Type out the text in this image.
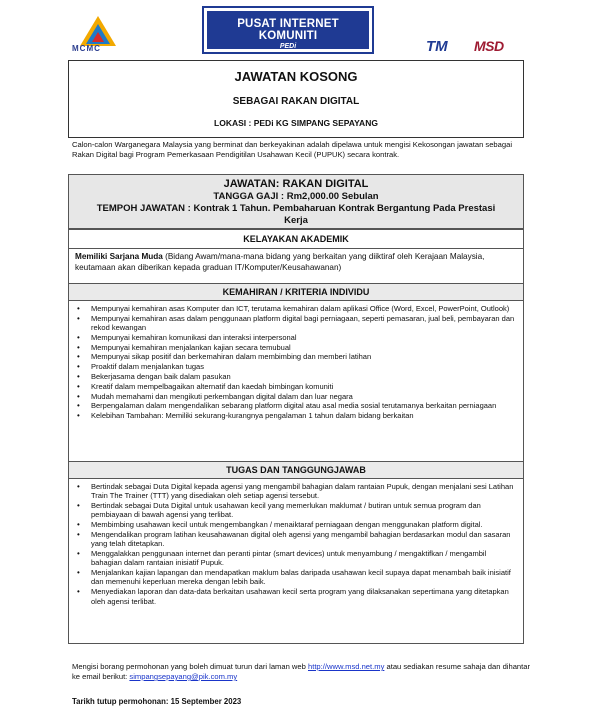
MCMC
PUSAT INTERNET KOMUNITI
PEDi	TM MSD
JAWATAN KOSONG
SEBAGAI RAKAN DIGITAL
LOKASI : PEDi KG SIMPANG SEPAYANG

Calon-calon Warganegara Malaysia yang berminat dan berkeyakinan adalah dipelawa untuk mengisi Kekosongan jawatan sebagai Rakan Digital bagi Program Pemerkasaan Pendigitilan Usahawan Kecil (PUPUK) secara kontrak.

JAWATAN: RAKAN DIGITAL
TANGGA GAJI : Rm2,000.00 Sebulan
TEMPOH JAWATAN : Kontrak 1 Tahun. Pembaharuan Kontrak Bergantung Pada Prestasi Kerja
KELAYAKAN AKADEMIK
Memiliki Sarjana Muda (Bidang Awam/mana-mana bidang yang berkaitan yang diiktiraf oleh Kerajaan Malaysia, keutamaan akan diberikan kepada graduan IT/Komputer/Keusahawanan)
KEMAHIRAN / KRITERIA INDIVIDU
• Mempunyai kemahiran asas Komputer dan ICT, terutama kemahiran dalam aplikasi Office (Word, Excel, PowerPoint, Outlook)
• Mempunyai kemahiran asas dalam penggunaan platform digital bagi perniagaan, seperti pemasaran, jual beli, pembayaran dan rekod kewangan
• Mempunyai kemahiran komunikasi dan interaksi interpersonal
• Mempunyai kemahiran menjalankan kajian secara temubual
• Mempunyai sikap positif dan berkemahiran dalam membimbing dan memberi latihan
• Proaktif dalam menjalankan tugas
• Bekerjasama dengan baik dalam pasukan
• Kreatif dalam mempelbagaikan alternatif dan kaedah bimbingan komuniti
• Mudah memahami dan mengikuti perkembangan digital dalam dan luar negara
• Berpengalaman dalam mengendalikan sebarang platform digital atau asal media sosial terutamanya berkaitan perniagaan
• Kelebihan Tambahan: Memiliki sekurang-kurangnya pengalaman 1 tahun dalam bidang berkaitan
TUGAS DAN TANGGUNGJAWAB
• Bertindak sebagai Duta Digital kepada agensi yang mengambil bahagian dalam rantaian Pupuk, dengan menjalani sesi Latihan Train The Trainer (TTT) yang disediakan oleh setiap agensi tersebut.
• Bertindak sebagai Duta Digital untuk usahawan kecil yang memerlukan maklumat / butiran untuk semua program dan pembiayaan di bawah agensi yang terlibat.
• Membimbing usahawan kecil untuk mengembangkan / menaiktaraf perniagaan dengan menggunakan platform digital.
• Mengendalikan program latihan keusahawanan digital oleh agensi yang mengambil bahagian berdasarkan modul dan sasaran yang telah ditetapkan.
• Menggalakkan penggunaan internet dan peranti pintar (smart devices) untuk menyambung / mengaktifkan / mengambil bahagian dalam rantaian inisiatif Pupuk.
• Menjalankan kajian lapangan dan mendapatkan maklum balas daripada usahawan kecil supaya dapat menambah baik inisiatif dan memenuhi keperluan mereka dengan lebih baik.
• Menyediakan laporan dan data-data berkaitan usahawan kecil serta program yang dilaksanakan sepertimana yang ditetapkan oleh agensi terlibat.

Mengisi borang permohonan yang boleh dimuat turun dari laman web http://www.msd.net.my atau sediakan resume sahaja dan dihantar ke email berikut: simpangsepayang@pik.com.my

Tarikh tutup permohonan: 15 September 2023
